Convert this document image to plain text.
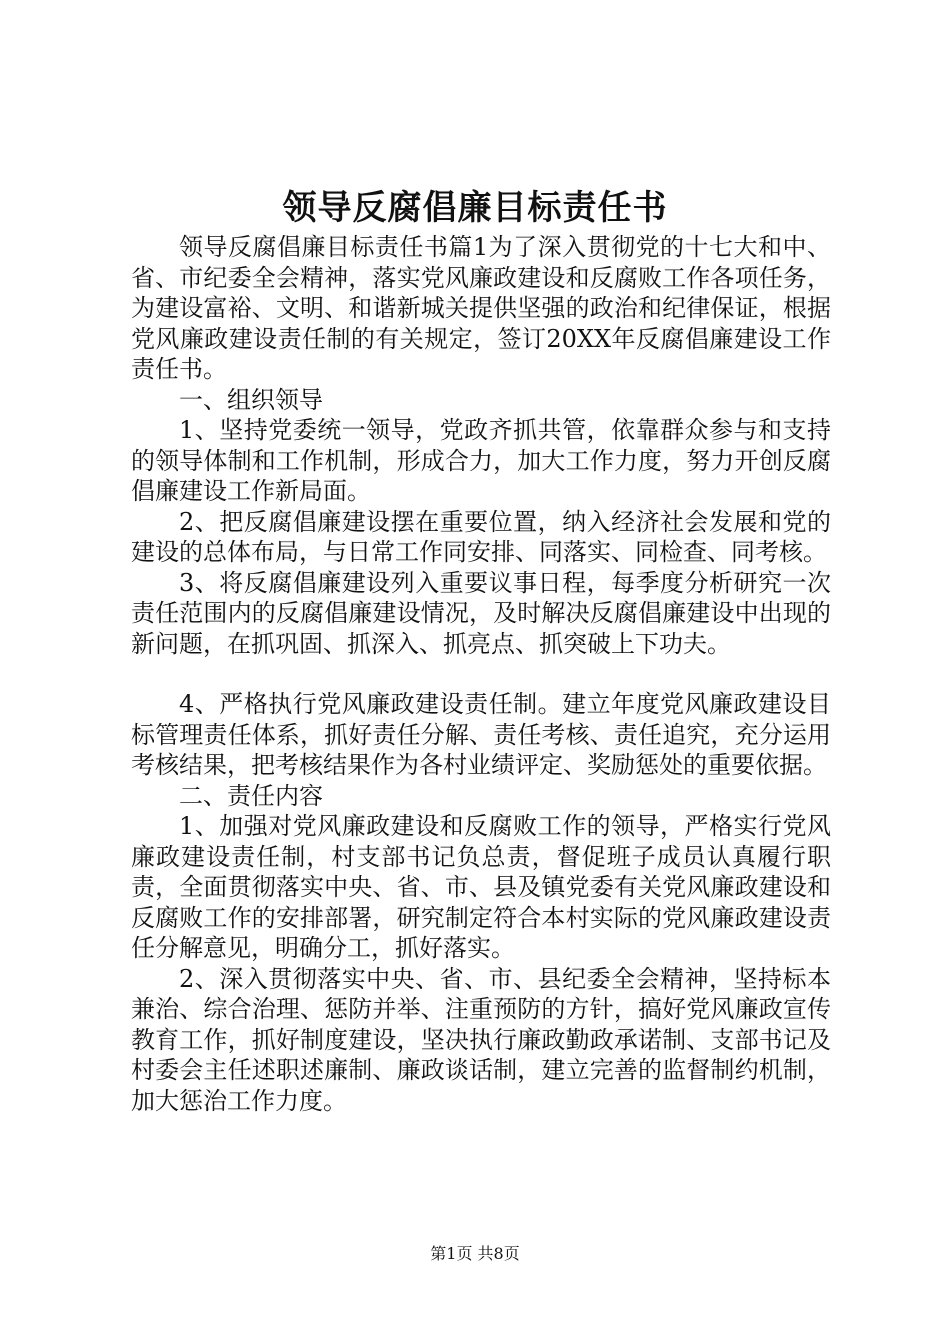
领导反腐倡廉目标责任书

领导反腐倡廉目标责任书篇1为了深入贯彻党的十七大和中、省、市纪委全会精神，落实党风廉政建设和反腐败工作各项任务，为建设富裕、文明、和谐新城关提供坚强的政治和纪律保证，根据党风廉政建设责任制的有关规定，签订20XX年反腐倡廉建设工作责任书。

一、组织领导

1、坚持党委统一领导，党政齐抓共管，依靠群众参与和支持的领导体制和工作机制，形成合力，加大工作力度，努力开创反腐倡廉建设工作新局面。

2、把反腐倡廉建设摆在重要位置，纳入经济社会发展和党的建设的总体布局，与日常工作同安排、同落实、同检查、同考核。

3、将反腐倡廉建设列入重要议事日程，每季度分析研究一次责任范围内的反腐倡廉建设情况，及时解决反腐倡廉建设中出现的新问题，在抓巩固、抓深入、抓亮点、抓突破上下功夫。

4、严格执行党风廉政建设责任制。建立年度党风廉政建设目标管理责任体系，抓好责任分解、责任考核、责任追究，充分运用考核结果，把考核结果作为各村业绩评定、奖励惩处的重要依据。

二、责任内容

1、加强对党风廉政建设和反腐败工作的领导，严格实行党风廉政建设责任制，村支部书记负总责，督促班子成员认真履行职责，全面贯彻落实中央、省、市、县及镇党委有关党风廉政建设和反腐败工作的安排部署，研究制定符合本村实际的党风廉政建设责任分解意见，明确分工，抓好落实。

2、深入贯彻落实中央、省、市、县纪委全会精神，坚持标本兼治、综合治理、惩防并举、注重预防的方针，搞好党风廉政宣传教育工作，抓好制度建设，坚决执行廉政勤政承诺制、支部书记及村委会主任述职述廉制、廉政谈话制，建立完善的监督制约机制，加大惩治工作力度。

第1页 共8页
